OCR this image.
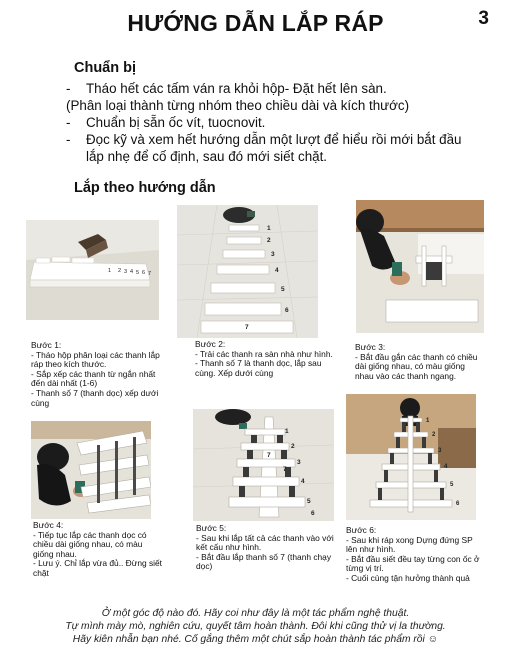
HƯỚNG DẪN LẮP RÁP	3
Chuẩn bị
- Tháo hết các tấm ván ra khỏi hộp- Đặt hết lên sàn.
(Phân loại thành từng nhóm theo chiều dài và kích thước)
- Chuẩn bị sẵn ốc vít, tuocnovit.
- Đọc kỹ và xem hết hướng dẫn một lượt để hiểu rồi mới bắt đầu lắp nhẹ để cố định, sau đó mới siết chặt.
Lắp theo hướng dẫn
1 2 3 4 5 6 7
1
2
3
4
5
6
7
Bước 1:
- Tháo hộp phân loại các thanh lắp ráp theo kích thước.
- Sắp xếp các thanh từ ngắn nhất đến dài nhất (1-6)
- Thanh số 7 (thanh dọc) xếp dưới cùng
Bước 2:
- Trải các thanh ra sàn nhà như hình.
- Thanh số 7 là thanh dọc, lắp sau cùng. Xếp dưới cùng
Bước 3:
- Bắt đầu gắn các thanh có chiều dài giống nhau, có màu giống nhau vào các thanh ngang.
1
2
3
4
5
6
7
7
1
2
3
4
5
6
Bước 4:
- Tiếp tục lắp các thanh dọc có chiều dài giống nhau, có màu giống nhau.
- Lưu ý. Chỉ lắp vừa đủ.. Đừng siết chặt
Bước 5:
- Sau khi lắp tất cả các thanh vào với kết cấu như hình.
- Bắt đầu lắp thanh số 7 (thanh chạy dọc)
Bước 6:
- Sau khi ráp xong Dựng đứng SP lên như hình.
- Bắt đầu siết đều tay từng con ốc ở từng vị trí.
- Cuối cùng tận hưởng thành quả
Ở một góc độ nào đó. Hãy coi như đây là một tác phẩm nghệ thuật.
Tự mình mày mò, nghiên cứu, quyết tâm hoàn thành. Đôi khi cũng thử vị la thường.
Hãy kiên nhẫn bạn nhé. Cố gắng thêm một chút sắp hoàn thành tác phẩm rồi ☺
